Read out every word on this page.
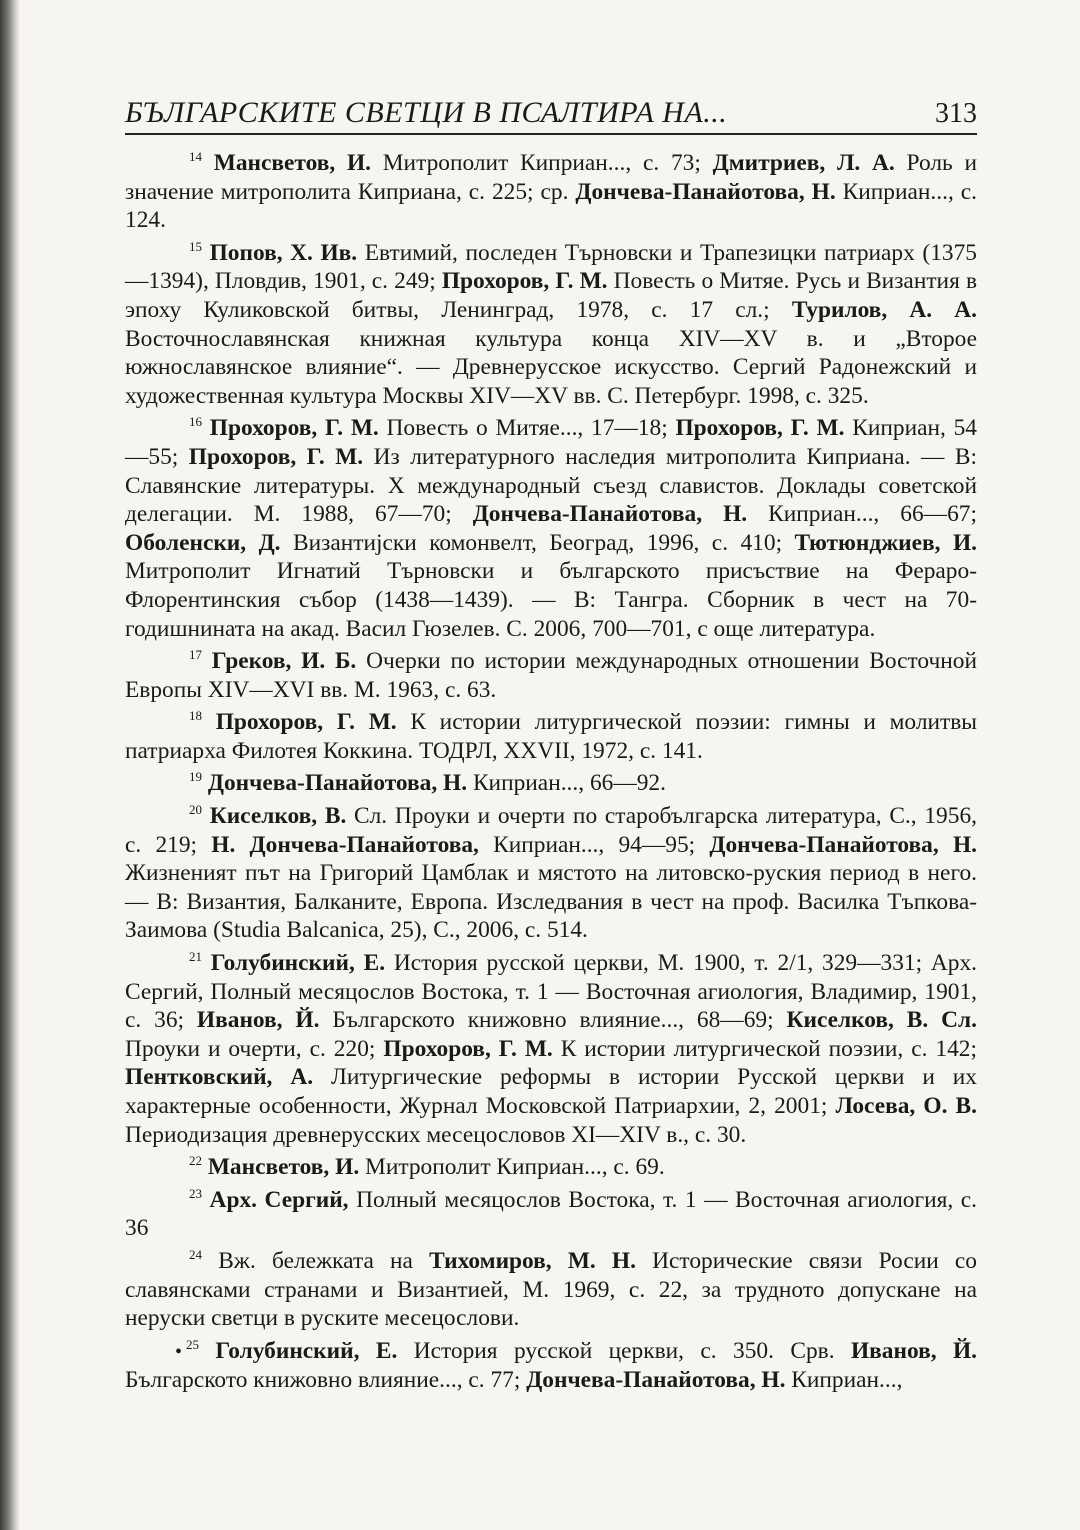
БЪЛГАРСКИТЕ СВЕТЦИ В ПСАЛТИРА НА...	313

$^{14}$ Мансветов, И. Митрополит Киприан..., с. 73; Дмитриев, Л. А. Роль и значение митрополита Киприана, с. 225; ср. Дончева-Панайотова, Н. Киприан..., с. 124.

$^{15}$ Попов, Х. Ив. Евтимий, последен Търновски и Трапезицки патриарх (1375—1394), Пловдив, 1901, с. 249; Прохоров, Г. М. Повесть о Митяе. Русь и Византия в эпоху Куликовской битвы, Ленинград, 1978, с. 17 сл.; Турилов, А. А. Восточнославянская книжная культура конца XIV—XV в. и „Второе южнославянское влияние“. — Древнерусское искусство. Сергий Радонежский и художественная культура Москвы XIV—XV вв. С. Петербург. 1998, с. 325.

$^{16}$ Прохоров, Г. М. Повесть о Митяе..., 17—18; Прохоров, Г. М. Киприан, 54—55; Прохоров, Г. М. Из литературного наследия митрополита Киприана. — В: Славянские литературы. Х международный съезд славистов. Доклады советской делегации. М. 1988, 67—70; Дончева-Панайотова, Н. Киприан..., 66—67; Оболенски, Д. Византијски комонвелт, Београд, 1996, с. 410; Тютюнджиев, И. Митрополит Игнатий Търновски и българското присъствие на Фераро-Флорентинския събор (1438—1439). — В: Тангра. Сборник в чест на 70-годишнината на акад. Васил Гюзелев. С. 2006, 700—701, с още литература.

$^{17}$ Греков, И. Б. Очерки по истории международных отношении Восточной Европы XIV—XVI вв. М. 1963, с. 63.

$^{18}$ Прохоров, Г. М. К истории литургической поэзии: гимны и молитвы патриарха Филотея Коккина. ТОДРЛ, XXVII, 1972, с. 141.

$^{19}$ Дончева-Панайотова, Н. Киприан..., 66—92.

$^{20}$ Киселков, В. Сл. Проуки и очерти по старобългарска литература, С., 1956, с. 219; Н. Дончева-Панайотова, Киприан..., 94—95; Дончева-Панайотова, Н. Жизненият път на Григорий Цамблак и мястото на литовско-руския период в него. — В: Византия, Балканите, Европа. Изследвания в чест на проф. Василка Тъпкова-Заимова (Studia Balcanica, 25), С., 2006, с. 514.

$^{21}$ Голубинский, Е. История русской церкви, М. 1900, т. 2/1, 329—331; Арх. Сергий, Полный месяцослов Востока, т. 1 — Восточная агиология, Владимир, 1901, с. 36; Иванов, Й. Българското книжовно влияние..., 68—69; Киселков, В. Сл. Проуки и очерти, с. 220; Прохоров, Г. М. К истории литургической поэзии, с. 142; Пентковский, А. Литургические реформы в истории Русской церкви и их характерные особенности, Журнал Московской Патриархии, 2, 2001; Лосева, О. В. Периодизация древнерусских месецословов XI—XIV в., с. 30.

$^{22}$ Мансветов, И. Митрополит Киприан..., с. 69.

$^{23}$ Арх. Сергий, Полный месяцослов Востока, т. 1 — Восточная агиология, с. 36

$^{24}$ Вж. бележката на Тихомиров, М. Н. Исторические связи Росии со славянсками странами и Византией, М. 1969, с. 22, за трудното допускане на неруски светци в руските месецослови.

• $^{25}$ Голубинский, Е. История русской церкви, с. 350. Срв. Иванов, Й. Българското книжовно влияние..., с. 77; Дончева-Панайотова, Н. Киприан...,
